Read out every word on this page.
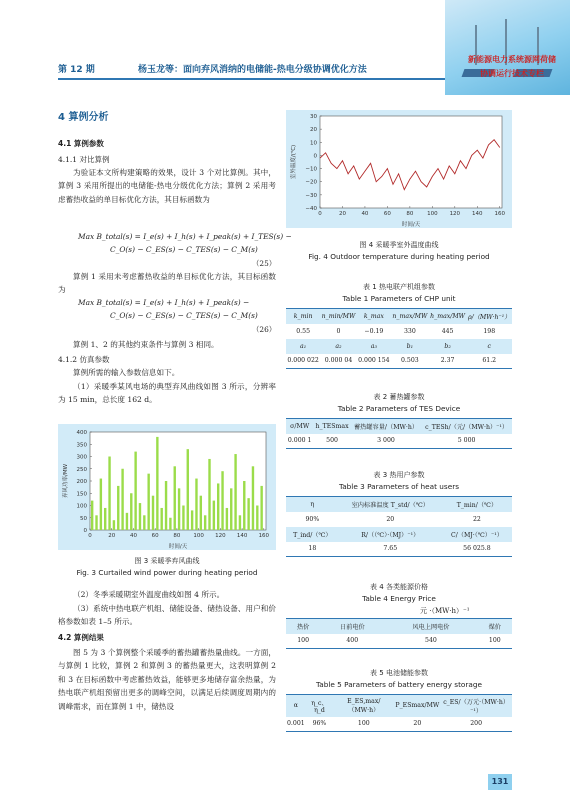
第 12 期	杨玉龙等：面向弃风消纳的电储能-热电分级协调优化方法
新能源电力系统源网荷储
协调运行技术专栏
4 算例分析
4.1 算例参数
4.1.1 对比算例
为验证本文所构建策略的效果，设计 3 个对比算例。其中，算例 3 采用所提出的电储能-热电分级优化方法；算例 2 采用考虑蓄热收益的单目标优化方法，其目标函数为
Max B_total(s) = I_e(s) + I_h(s) + I_peak(s) + I_TES(s) −
C_O(s) − C_ES(s) − C_TES(s) − C_M(s)
（25）
算例 1 采用未考虑蓄热收益的单目标优化方法，其目标函数为
Max B_total(s) = I_e(s) + I_h(s) + I_peak(s) −
C_O(s) − C_ES(s) − C_TES(s) − C_M(s)
（26）
算例 1、2 的其他约束条件与算例 3 相同。
4.1.2 仿真参数
算例所需的输入参数信息如下。
（1）采暖季某风电场的典型弃风曲线如图 3 所示，分辨率为 15 min，总长度 162 d。
0
50
100
150
200
250
300
350
400
0	20	40	60	80 100 120 140 160
时间/天
弃风功率/MW
图 3 采暖季弃风曲线
Fig. 3 Curtailed wind power during heating period
（2）冬季采暖期室外温度曲线如图 4 所示。
（3）系统中热电联产机组、储能设备、储热设备、用户和价格参数如表 1–5 所示。
4.2 算例结果
图 5 为 3 个算例整个采暖季的蓄热罐蓄热量曲线。一方面，与算例 1 比较，算例 2 和算例 3 的蓄热量更大，这表明算例 2 和 3 在目标函数中考虑蓄热效益，能够更多地储存富余热量，为热电联产机组预留出更多的调峰空间，以满足后续调度周期内的调峰需求，而在算例 1 中，储热设
−40
−30
−20
−10
0
10
20
30
0	20	40	60	80 100 120 140 160
时间/天
室外温度/(℃)
图 4 采暖季室外温度曲线
Fig. 4 Outdoor temperature during heating period
表 1 热电联产机组参数
Table 1 Parameters of CHP unit
k_min	n_min/MW	k_max	n_max/MW	h_max/MW	ρ/（MW·h⁻¹）
0.55	0	−0.19	330	445	198
a₁	a₂	a₃	b₁	b₂	c
0.000 022	0.000 04	0.000 154	0.503	2.37	61.2
表 2 蓄热罐参数
Table 2 Parameters of TES Device
σ/MW	h_TESmax	蓄热罐容量/（MW·h）	c_TESh/（元/（MW·h）⁻¹）
0.000 1	500	3 000	5 000
表 3 热用户参数
Table 3 Parameters of heat users
η	室内标准温度 T_std/（℃）	T_min/（℃）
90%	20	22
T_ind/（℃）	R/（（℃）·（MJ）⁻¹）	C/（MJ·（℃）⁻¹）
18	7.65	56 025.8
表 4 各类能源价格
Table 4 Energy Price
元 ·（MW·h）⁻¹
热价	日前电价	风电上网电价	煤价
100	400	540	100
表 5 电池储能参数
Table 5 Parameters of battery energy storage
α	η_c、η_d	E_ES,max/（MW·h）	P_ESmax/MW	c_ES/（万元·（MW·h）⁻¹）
0.001	96%	100	20	200
131
